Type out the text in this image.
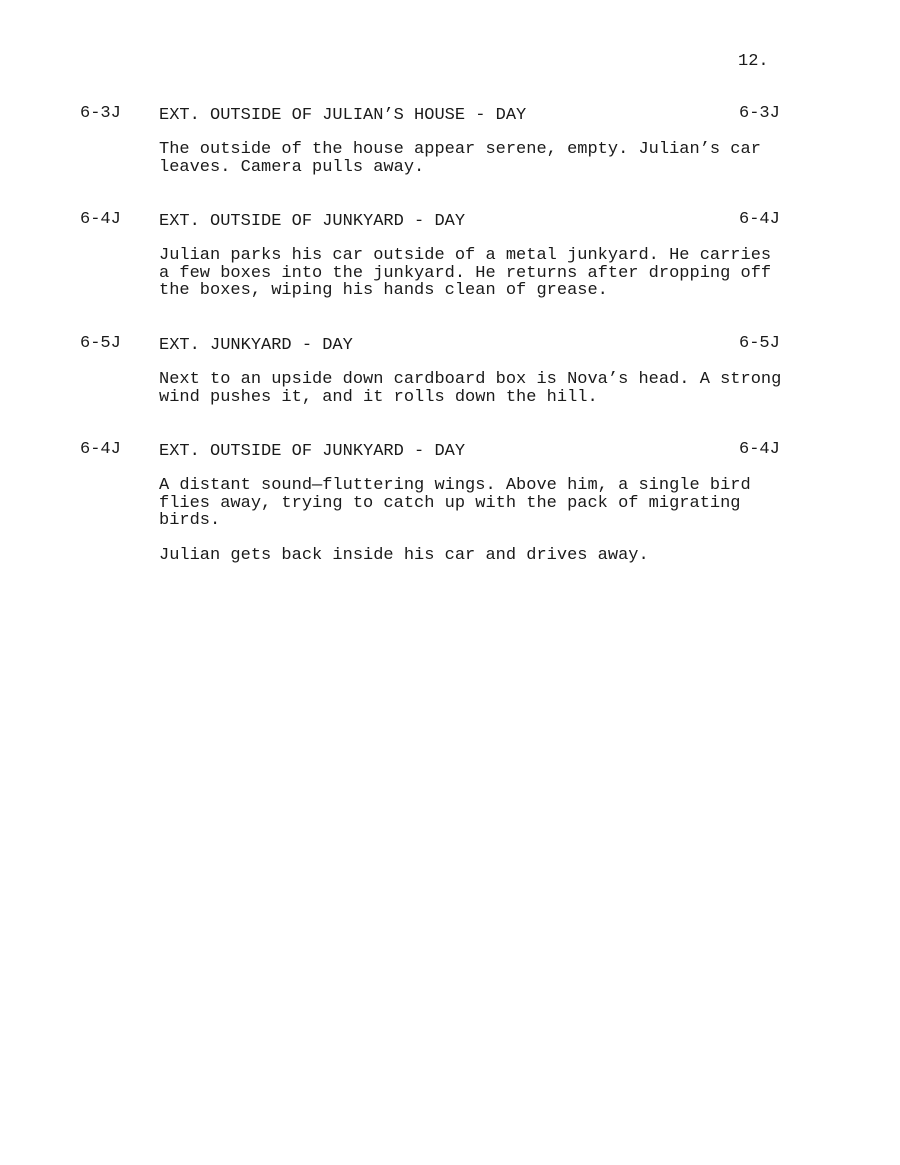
12.
6-3J EXT. OUTSIDE OF JULIAN’S HOUSE - DAY	6-3J
The outside of the house appear serene, empty. Julian’s car
leaves. Camera pulls away.
6-4J EXT. OUTSIDE OF JUNKYARD - DAY	6-4J
Julian parks his car outside of a metal junkyard. He carries
a few boxes into the junkyard. He returns after dropping off
the boxes, wiping his hands clean of grease.
6-5J EXT. JUNKYARD - DAY	6-5J
Next to an upside down cardboard box is Nova’s head. A strong
wind pushes it, and it rolls down the hill.
6-4J EXT. OUTSIDE OF JUNKYARD - DAY	6-4J
A distant sound—fluttering wings. Above him, a single bird
flies away, trying to catch up with the pack of migrating
birds.
Julian gets back inside his car and drives away.
